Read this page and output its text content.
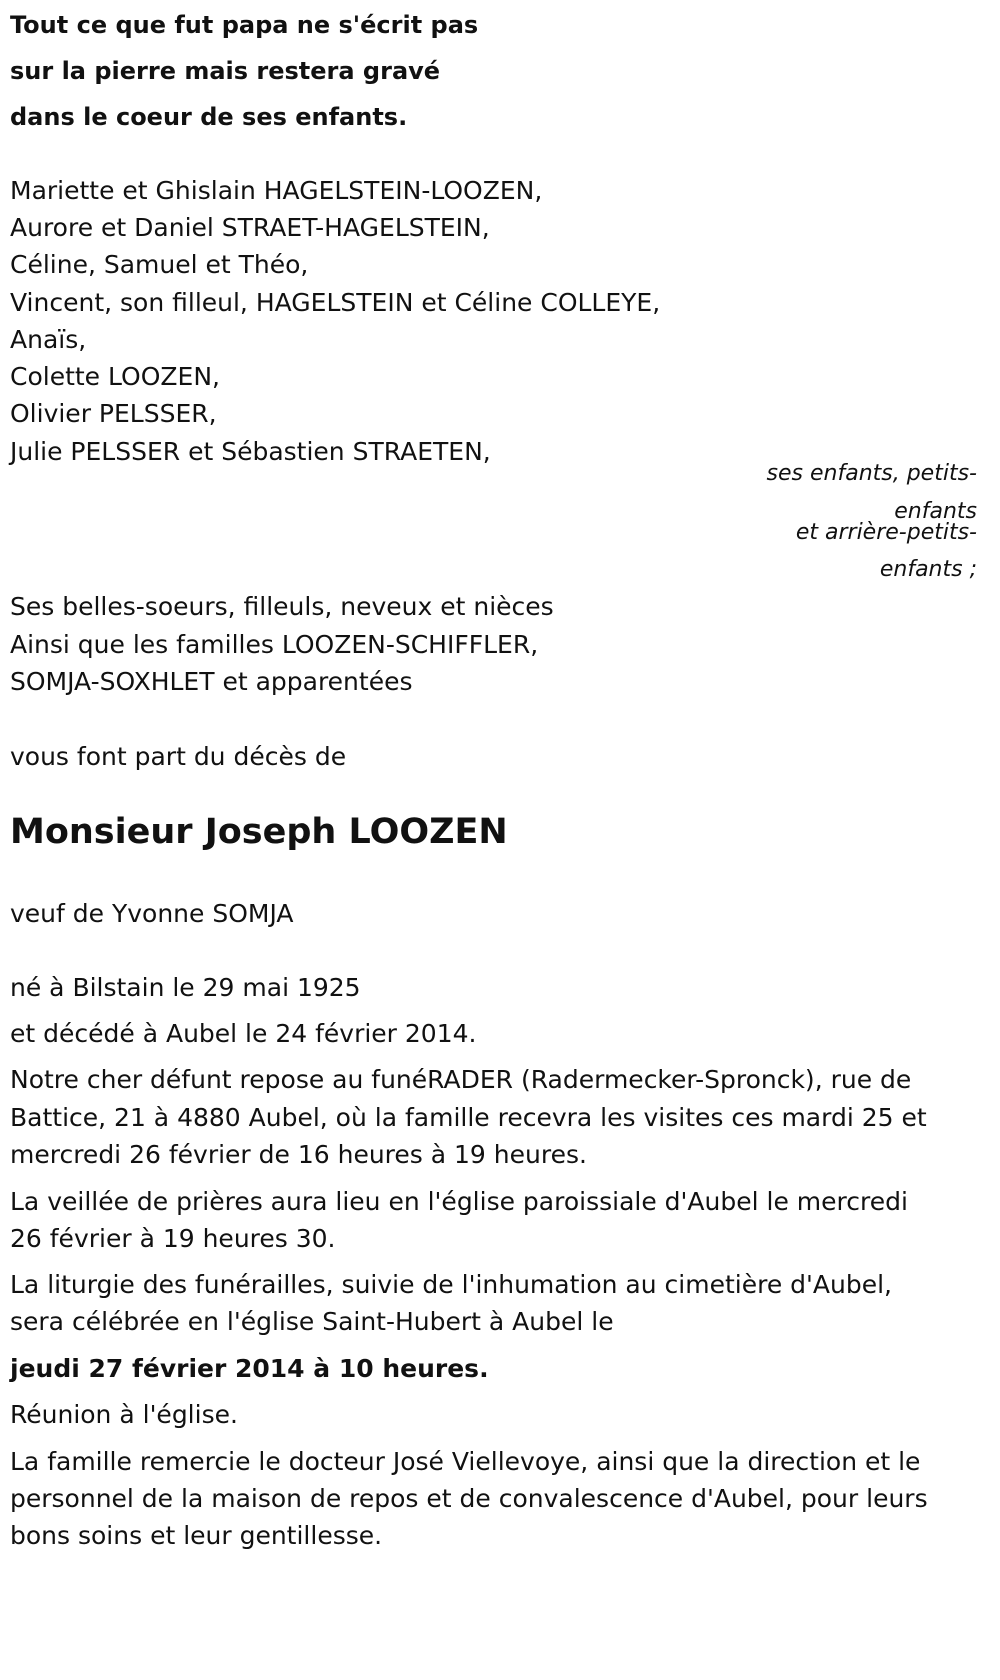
Tout ce que fut papa ne s'écrit pas

sur la pierre mais restera gravé

dans le coeur de ses enfants.

Mariette et Ghislain HAGELSTEIN-LOOZEN,

Aurore et Daniel STRAET-HAGELSTEIN,

Céline, Samuel et Théo,

Vincent, son filleul, HAGELSTEIN et Céline COLLEYE,

Anaïs,

Colette LOOZEN,

Olivier PELSSER,

Julie PELSSER et Sébastien STRAETEN,

ses enfants, petits-

enfants

et arrière-petits-

enfants ;

Ses belles-soeurs, filleuls, neveux et nièces

Ainsi que les familles LOOZEN-SCHIFFLER,

SOMJA-SOXHLET et apparentées

vous font part du décès de

Monsieur Joseph LOOZEN

veuf de Yvonne SOMJA

né à Bilstain le 29 mai 1925

et décédé à Aubel le 24 février 2014.

Notre cher défunt repose au funéRADER (Radermecker-Spronck), rue de

Battice, 21 à 4880 Aubel, où la famille recevra les visites ces mardi 25 et

mercredi 26 février de 16 heures à 19 heures.

La veillée de prières aura lieu en l'église paroissiale d'Aubel le mercredi

26 février à 19 heures 30.

La liturgie des funérailles, suivie de l'inhumation au cimetière d'Aubel,

sera célébrée en l'église Saint-Hubert à Aubel le

jeudi 27 février 2014 à 10 heures.

Réunion à l'église.

La famille remercie le docteur José Viellevoye, ainsi que la direction et le

personnel de la maison de repos et de convalescence d'Aubel, pour leurs

bons soins et leur gentillesse.
